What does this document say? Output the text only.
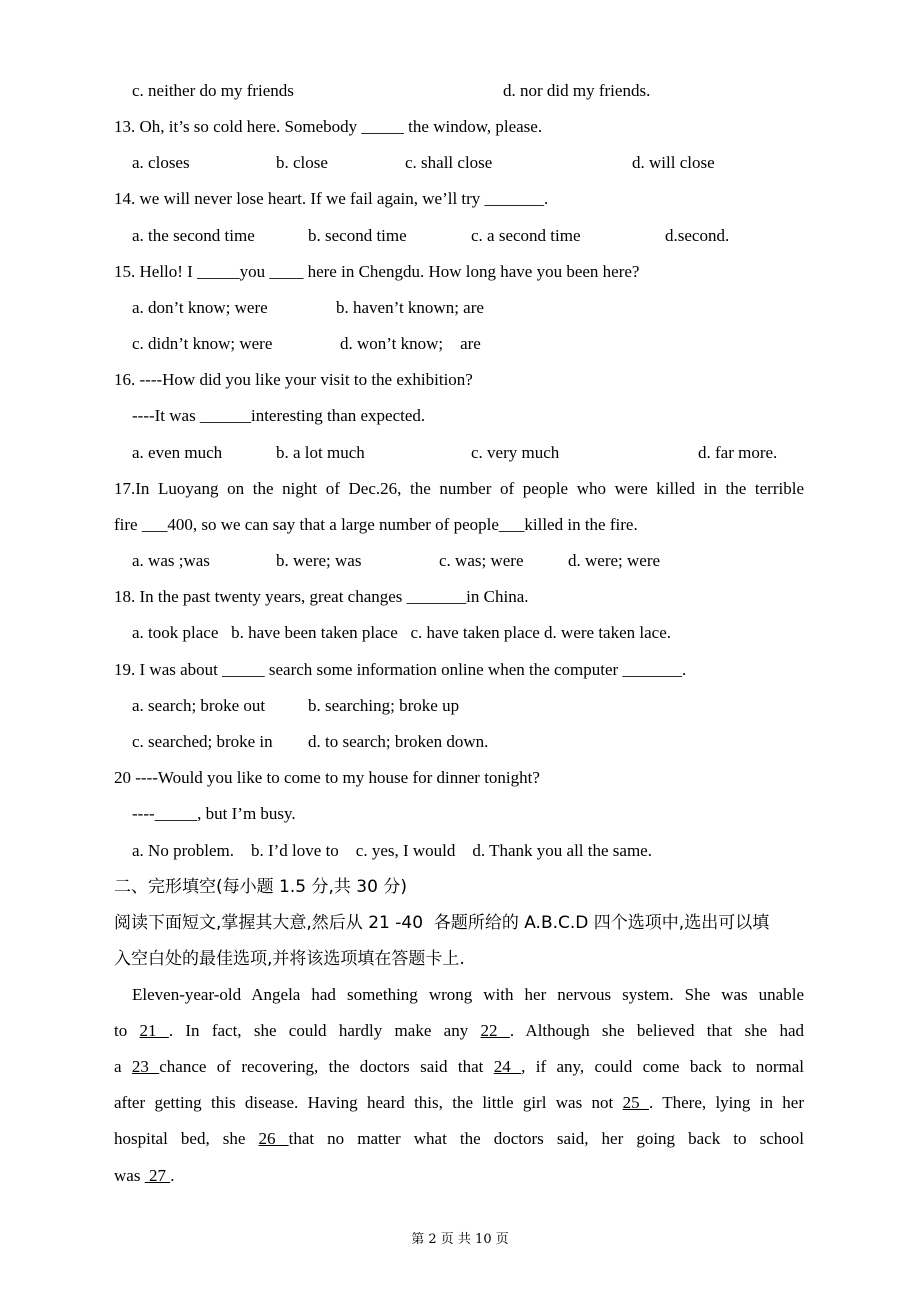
c. neither do my friends	d. nor did my friends.
13. Oh, it’s so cold here. Somebody _____ the window, please.
a. closes	b. close	c. shall close	d. will close
14. we will never lose heart. If we fail again, we’ll try _______.
a. the second time	b. second time	c. a second time	d.second.
15. Hello! I _____you ____ here in Chengdu. How long have you been here?
a. don’t know; were	b. haven’t known; are
c. didn’t know; were	d. won’t know;    are
16. ----How did you like your visit to the exhibition?
----It was ______interesting than expected.
a. even much	b. a lot much	c. very much	d. far more.
17.In Luoyang on the night of Dec.26, the number of people who were killed in the terrible
fire ___400, so we can say that a large number of people___killed in the fire.
a. was ;was	b. were; was	c. was; were	d. were; were
18. In the past twenty years, great changes _______in China.
a. took place   b. have been taken place   c. have taken place d. were taken lace.
19. I was about _____ search some information online when the computer _______.
a. search; broke out	b. searching; broke up
c. searched; broke in d. to search; broken down.
20 ----Would you like to come to my house for dinner tonight?
----_____, but I’m busy.
a. No problem.    b. I’d love to    c. yes, I would    d. Thank you all the same.
二、完形填空(每小题 1.5 分,共 30 分)
阅读下面短文,掌握其大意,然后从 21 -40  各题所给的 A.B.C.D 四个选项中,选出可以填
入空白处的最佳选项,并将该选项填在答题卡上.
Eleven-year-old Angela had something wrong with her nervous system. She was unable
to 21 . In fact, she could hardly make any 22 . Although she believed that she had
a 23 chance of recovering, the doctors said that 24 , if any, could come back to normal
after getting this disease. Having heard this, the little girl was not 25 . There, lying in her
hospital bed, she 26 that no matter what the doctors said, her going back to school
was  27 .
第 2 页 共 10 页
